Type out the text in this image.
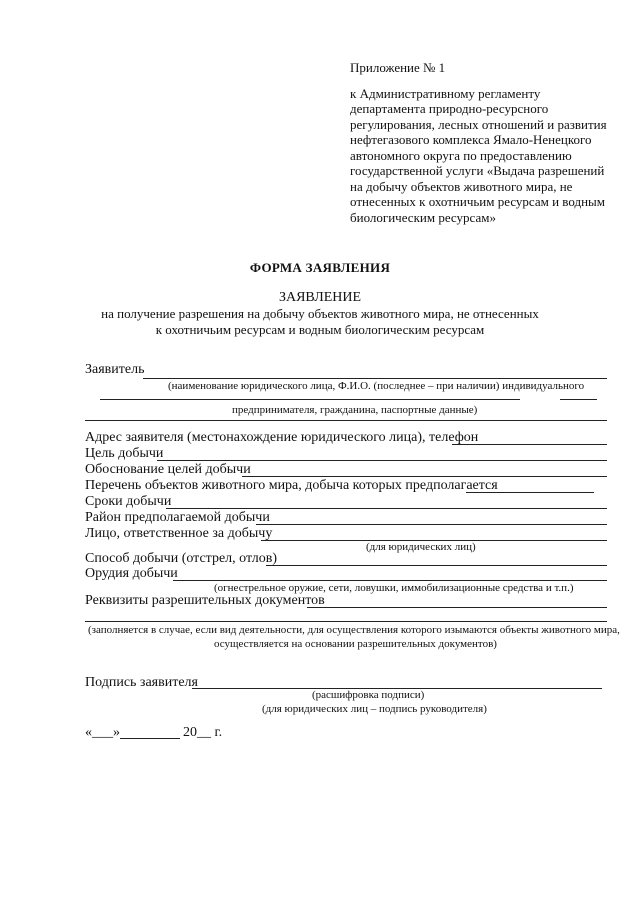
Приложение № 1
к Административному регламенту
департамента природно-ресурсного
регулирования, лесных отношений и развития
нефтегазового комплекса Ямало-Ненецкого
автономного округа по предоставлению
государственной услуги «Выдача разрешений
на добычу объектов животного мира, не
отнесенных к охотничьим ресурсам и водным
биологическим ресурсам»
ФОРМА ЗАЯВЛЕНИЯ
ЗАЯВЛЕНИЕ
на получение разрешения на добычу объектов животного мира, не отнесенных
к охотничьим ресурсам и водным биологическим ресурсам
Заявитель
(наименование юридического лица, Ф.И.О. (последнее – при наличии) индивидуального
предпринимателя, гражданина, паспортные данные)
Адрес заявителя (местонахождение юридического лица), телефон
Цель добычи
Обоснование целей добычи
Перечень объектов животного мира, добыча которых предполагается
Сроки добычи
Район предполагаемой добычи
Лицо, ответственное за добычу
(для юридических лиц)
Способ добычи (отстрел, отлов)
Орудия добычи
(огнестрельное оружие, сети, ловушки, иммобилизационные средства и т.п.)
Реквизиты разрешительных документов
(заполняется в случае, если вид деятельности, для осуществления которого изымаются объекты животного мира,
осуществляется на основании разрешительных документов)
Подпись заявителя
(расшифровка подписи)
(для юридических лиц – подпись руководителя)
«___»	20__ г.
